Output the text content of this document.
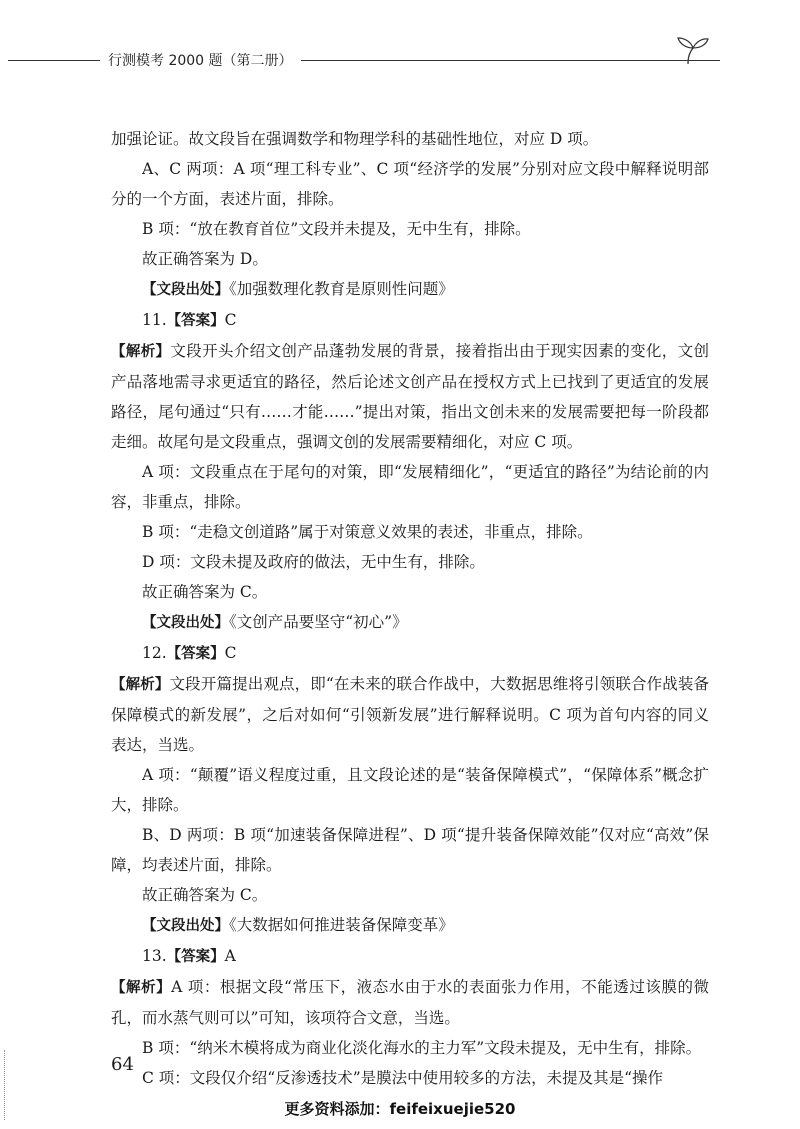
行测模考 2000 题（第二册）

加强论证。故文段旨在强调数学和物理学科的基础性地位，对应 D 项。

A、C 两项：A 项“理工科专业”、C 项“经济学的发展”分别对应文段中解释说明部分的一个方面，表述片面，排除。

B 项：“放在教育首位”文段并未提及，无中生有，排除。

故正确答案为 D。

【文段出处】《加强数理化教育是原则性问题》

11.【答案】C

【解析】文段开头介绍文创产品蓬勃发展的背景，接着指出由于现实因素的变化，文创产品落地需寻求更适宜的路径，然后论述文创产品在授权方式上已找到了更适宜的发展路径，尾句通过“只有……才能……”提出对策，指出文创未来的发展需要把每一阶段都走细。故尾句是文段重点，强调文创的发展需要精细化，对应 C 项。

A 项：文段重点在于尾句的对策，即“发展精细化”，“更适宜的路径”为结论前的内容，非重点，排除。

B 项：“走稳文创道路”属于对策意义效果的表述，非重点，排除。

D 项：文段未提及政府的做法，无中生有，排除。

故正确答案为 C。

【文段出处】《文创产品要坚守“初心”》

12.【答案】C

【解析】文段开篇提出观点，即“在未来的联合作战中，大数据思维将引领联合作战装备保障模式的新发展”，之后对如何“引领新发展”进行解释说明。C 项为首句内容的同义表达，当选。

A 项：“颠覆”语义程度过重，且文段论述的是“装备保障模式”，“保障体系”概念扩大，排除。

B、D 两项：B 项“加速装备保障进程”、D 项“提升装备保障效能”仅对应“高效”保障，均表述片面，排除。

故正确答案为 C。

【文段出处】《大数据如何推进装备保障变革》

13.【答案】A

【解析】A 项：根据文段“常压下，液态水由于水的表面张力作用，不能透过该膜的微孔，而水蒸气则可以”可知，该项符合文意，当选。

B 项：“纳米木模将成为商业化淡化海水的主力军”文段未提及，无中生有，排除。

C 项：文段仅介绍“反渗透技术”是膜法中使用较多的方法，未提及其是“操作

64
更多资料添加：feifeixuejie520
